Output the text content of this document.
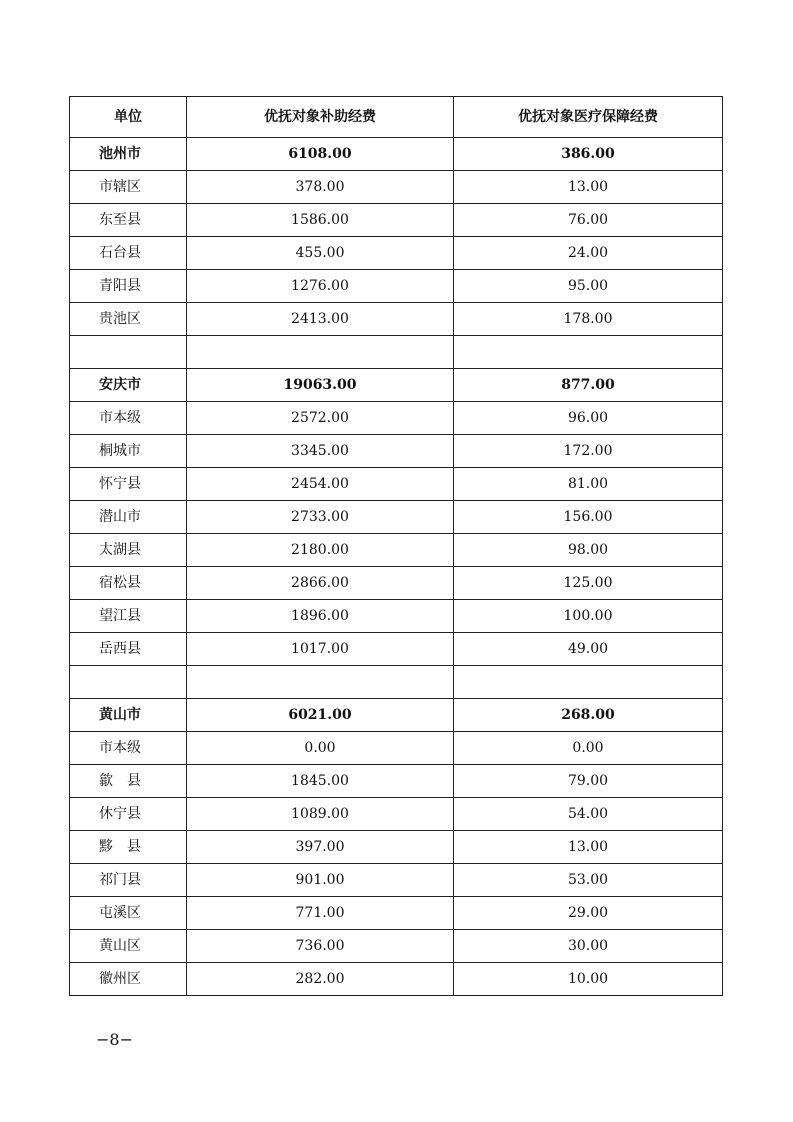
单位	优抚对象补助经费	优抚对象医疗保障经费
池州市	6108.00	386.00
市辖区	378.00	13.00
东至县	1586.00	76.00
石台县	455.00	24.00
青阳县	1276.00	95.00
贵池区	2413.00	178.00

安庆市	19063.00	877.00
市本级	2572.00	96.00
桐城市	3345.00	172.00
怀宁县	2454.00	81.00
潜山市	2733.00	156.00
太湖县	2180.00	98.00
宿松县	2866.00	125.00
望江县	1896.00	100.00
岳西县	1017.00	49.00

黄山市	6021.00	268.00
市本级	0.00	0.00
歙　县	1845.00	79.00
休宁县	1089.00	54.00
黟　县	397.00	13.00
祁门县	901.00	53.00
屯溪区	771.00	29.00
黄山区	736.00	30.00
徽州区	282.00	10.00
−8−
